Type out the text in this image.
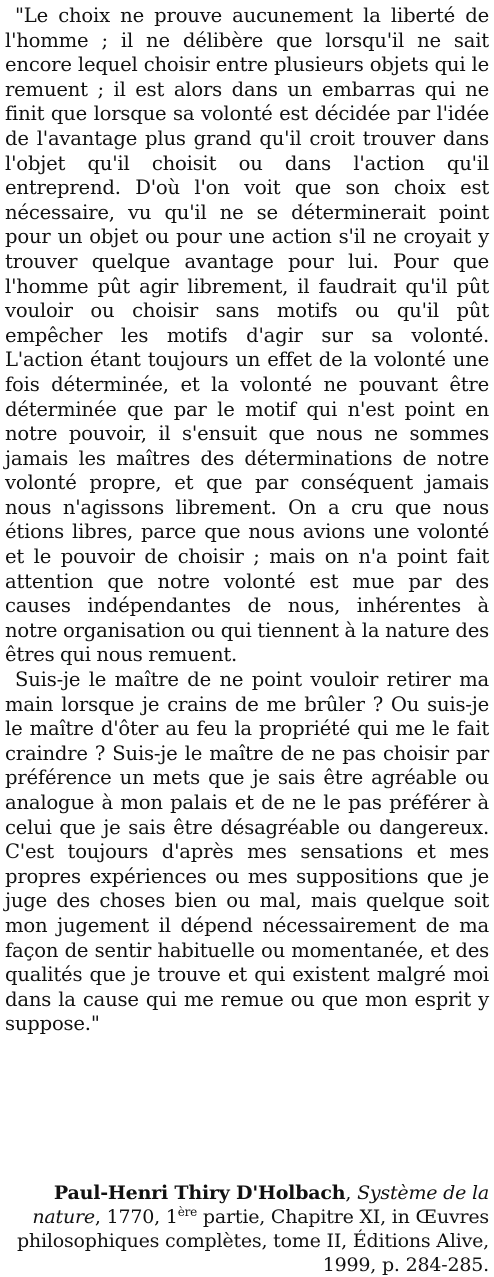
"Le choix ne prouve aucunement la liberté de l'homme ; il ne délibère que lorsqu'il ne sait encore lequel choisir entre plusieurs objets qui le remuent ; il est alors dans un embarras qui ne finit que lorsque sa volonté est décidée par l'idée de l'avantage plus grand qu'il croit trouver dans l'objet qu'il choisit ou dans l'action qu'il entreprend. D'où l'on voit que son choix est nécessaire, vu qu'il ne se déterminerait point pour un objet ou pour une action s'il ne croyait y trouver quelque avantage pour lui. Pour que l'homme pût agir librement, il faudrait qu'il pût vouloir ou choisir sans motifs ou qu'il pût empêcher les motifs d'agir sur sa volonté. L'action étant toujours un effet de la volonté une fois déterminée, et la volonté ne pouvant être déterminée que par le motif qui n'est point en notre pouvoir, il s'ensuit que nous ne sommes jamais les maîtres des déterminations de notre volonté propre, et que par conséquent jamais nous n'agissons librement. On a cru que nous étions libres, parce que nous avions une volonté et le pouvoir de choisir ; mais on n'a point fait attention que notre volonté est mue par des causes indépendantes de nous, inhérentes à notre organisation ou qui tiennent à la nature des êtres qui nous remuent.

Suis-je le maître de ne point vouloir retirer ma main lorsque je crains de me brûler ? Ou suis-je le maître d'ôter au feu la propriété qui me le fait craindre ? Suis-je le maître de ne pas choisir par préférence un mets que je sais être agréable ou analogue à mon palais et de ne le pas préférer à celui que je sais être désagréable ou dangereux. C'est toujours d'après mes sensations et mes propres expériences ou mes suppositions que je juge des choses bien ou mal, mais quelque soit mon jugement il dépend nécessairement de ma façon de sentir habituelle ou momentanée, et des qualités que je trouve et qui existent malgré moi dans la cause qui me remue ou que mon esprit y suppose."

Paul-Henri Thiry D'Holbach, Système de la nature, 1770, 1ère partie, Chapitre XI, in Œuvres philosophiques complètes, tome II, Éditions Alive, 1999, p. 284-285.
